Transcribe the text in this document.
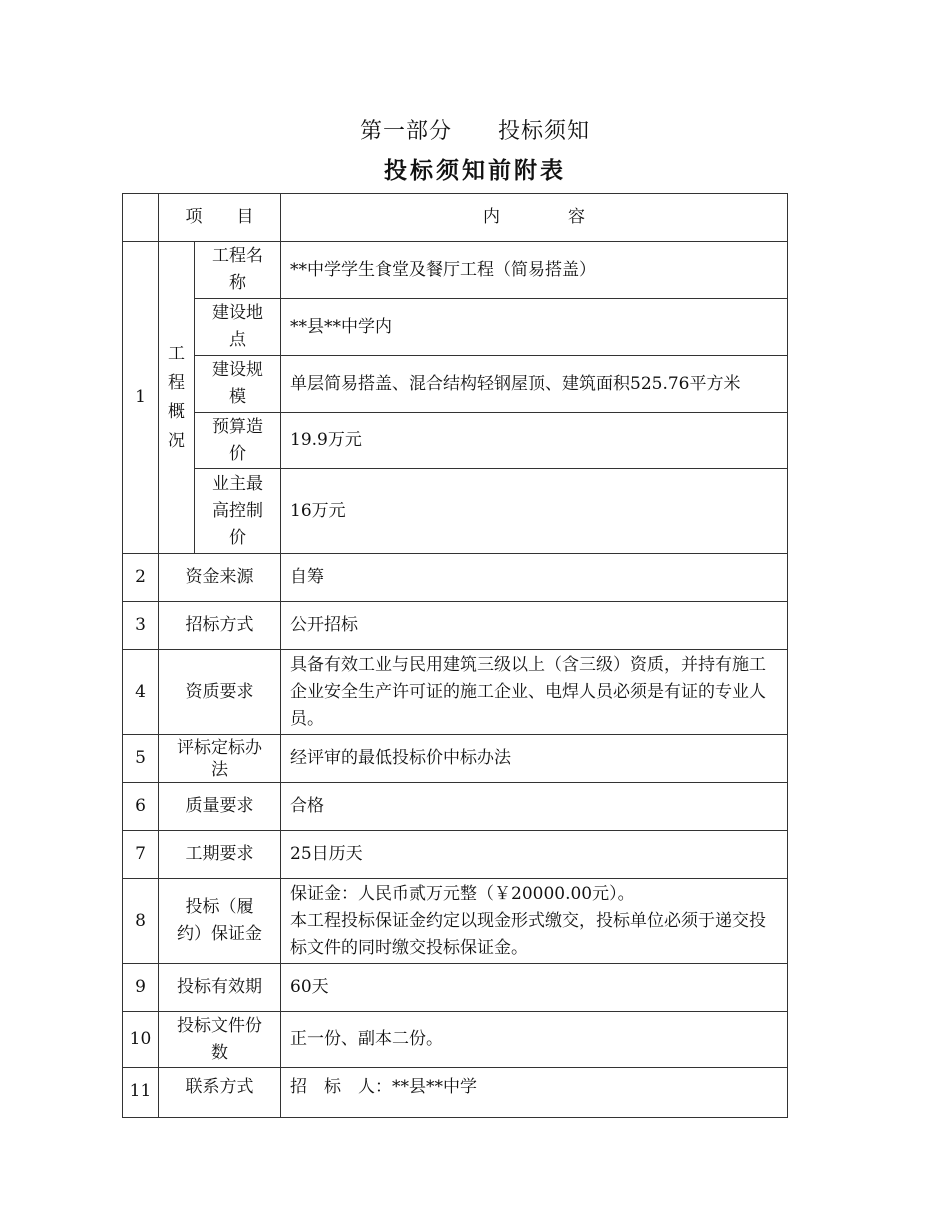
第一部分 投标须知
投标须知前附表
	项　　目		内　　　　容
1	工
程
概
况	工程名称	**中学学生食堂及餐厅工程（简易搭盖）
		建设地点	**县**中学内
		建设规模	单层简易搭盖、混合结构轻钢屋顶、建筑面积525.76平方米
		预算造价	19.9万元
		业主最高控制价	16万元
2	资金来源		自筹
3	招标方式		公开招标
4	资质要求		具备有效工业与民用建筑三级以上（含三级）资质，并持有施工企业安全生产许可证的施工企业、电焊人员必须是有证的专业人员。
5	评标定标办法		经评审的最低投标价中标办法
6	质量要求		合格
7	工期要求		25日历天
8	投标（履约）保证金		保证金：人民币贰万元整（￥20000.00元）。
本工程投标保证金约定以现金形式缴交，投标单位必须于递交投标文件的同时缴交投标保证金。

9	投标有效期		60天
10	投标文件份数		正一份、副本二份。
11	联系方式		招　标　人：**县**中学
